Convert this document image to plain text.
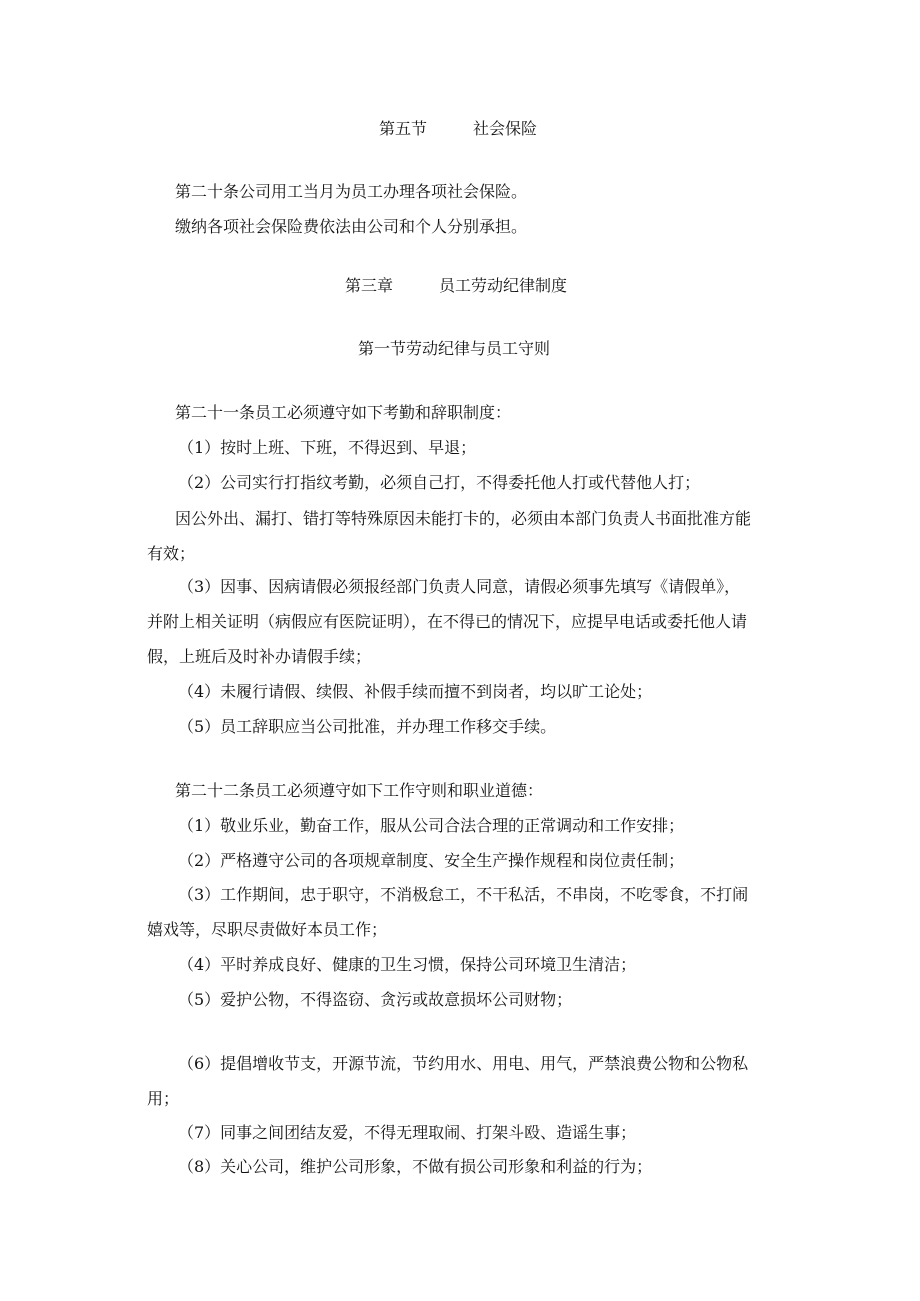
第五节	社会保险

第二十条公司用工当月为员工办理各项社会保险。

缴纳各项社会保险费依法由公司和个人分别承担。

第三章	员工劳动纪律制度

第一节劳动纪律与员工守则

第二十一条员工必须遵守如下考勤和辞职制度：

（1）按时上班、下班，不得迟到、早退；

（2）公司实行打指纹考勤，必须自己打，不得委托他人打或代替他人打；

因公外出、漏打、错打等特殊原因未能打卡的，必须由本部门负责人书面批准方能

有效；

（3）因事、因病请假必须报经部门负责人同意，请假必须事先填写《请假单》，

并附上相关证明（病假应有医院证明），在不得已的情况下，应提早电话或委托他人请

假，上班后及时补办请假手续；

（4）未履行请假、续假、补假手续而擅不到岗者，均以旷工论处；

（5）员工辞职应当公司批准，并办理工作移交手续。

第二十二条员工必须遵守如下工作守则和职业道德：

（1）敬业乐业，勤奋工作，服从公司合法合理的正常调动和工作安排；

（2）严格遵守公司的各项规章制度、安全生产操作规程和岗位责任制；

（3）工作期间，忠于职守，不消极怠工，不干私活，不串岗，不吃零食，不打闹

嬉戏等，尽职尽责做好本员工作；

（4）平时养成良好、健康的卫生习惯，保持公司环境卫生清洁；

（5）爱护公物，不得盗窃、贪污或故意损坏公司财物；

（6）提倡增收节支，开源节流，节约用水、用电、用气，严禁浪费公物和公物私

用；

（7）同事之间团结友爱，不得无理取闹、打架斗殴、造谣生事；

（8）关心公司，维护公司形象，不做有损公司形象和利益的行为；
